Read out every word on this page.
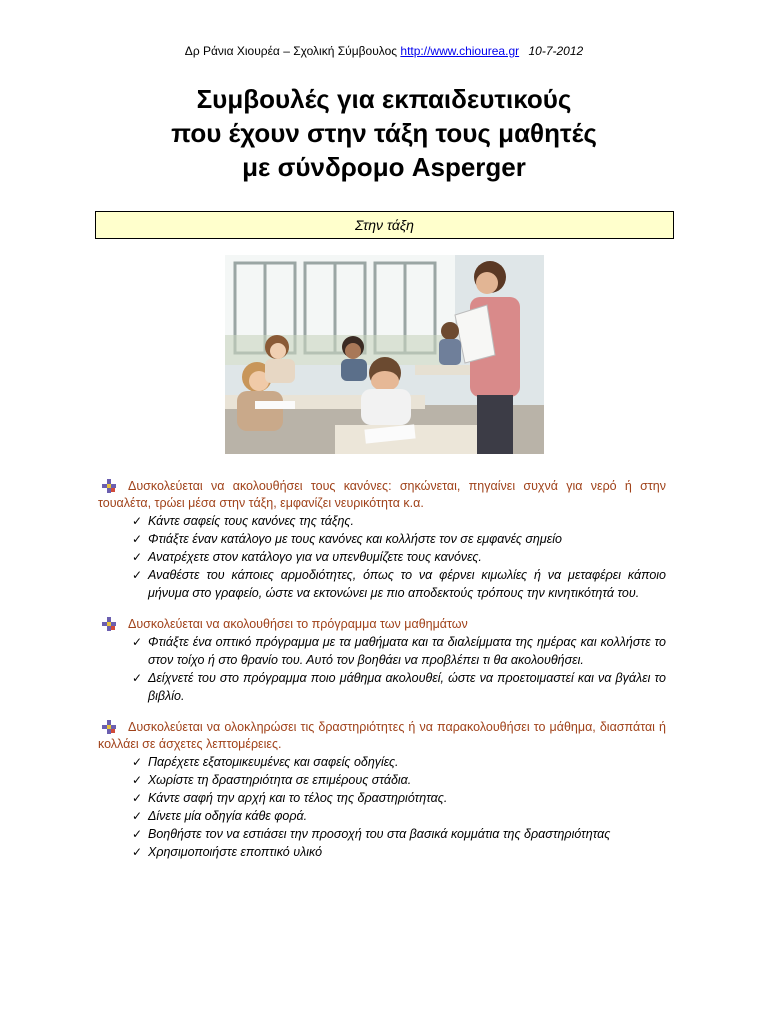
Δρ Ράνια Χιουρέα – Σχολική Σύμβουλος http://www.chiourea.gr 10-7-2012
Συμβουλές για εκπαιδευτικούς
που έχουν στην τάξη τους μαθητές
με σύνδρομο Asperger
Στην τάξη
Δυσκολεύεται να ακολουθήσει τους κανόνες: σηκώνεται, πηγαίνει συχνά για νερό ή στην τουαλέτα, τρώει μέσα στην τάξη, εμφανίζει νευρικότητα κ.α.
✓ Κάντε σαφείς τους κανόνες της τάξης.
✓ Φτιάξτε έναν κατάλογο με τους κανόνες και κολλήστε τον σε εμφανές σημείο
✓ Ανατρέχετε στον κατάλογο για να υπενθυμίζετε τους κανόνες.
✓ Αναθέστε του κάποιες αρμοδιότητες, όπως το να φέρνει κιμωλίες ή να μεταφέρει κάποιο μήνυμα στο γραφείο, ώστε να εκτονώνει με πιο αποδεκτούς τρόπους την κινητικότητά του.
Δυσκολεύεται να ακολουθήσει το πρόγραμμα των μαθημάτων
✓ Φτιάξτε ένα οπτικό πρόγραμμα με τα μαθήματα και τα διαλείμματα της ημέρας και κολλήστε το στον τοίχο ή στο θρανίο του. Αυτό τον βοηθάει να προβλέπει τι θα ακολουθήσει.
✓ Δείχνετέ του στο πρόγραμμα ποιο μάθημα ακολουθεί, ώστε να προετοιμαστεί και να βγάλει το βιβλίο.
Δυσκολεύεται να ολοκληρώσει τις δραστηριότητες ή να παρακολουθήσει το μάθημα, διασπάται ή κολλάει σε άσχετες λεπτομέρειες.
✓ Παρέχετε εξατομικευμένες και σαφείς οδηγίες.
✓ Χωρίστε τη δραστηριότητα σε επιμέρους στάδια.
✓ Κάντε σαφή την αρχή και το τέλος της δραστηριότητας.
✓ Δίνετε μία οδηγία κάθε φορά.
✓ Βοηθήστε τον να εστιάσει την προσοχή του στα βασικά κομμάτια της δραστηριότητας
✓ Χρησιμοποιήστε εποπτικό υλικό
